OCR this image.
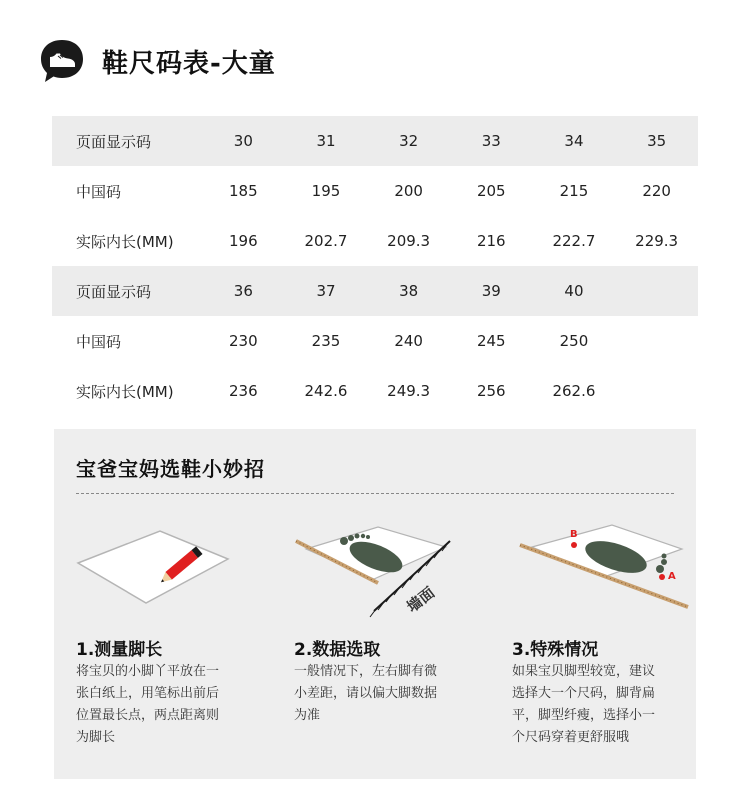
鞋尺码表-大童
页面显示码	30	31	32	33	34	35
中国码	185	195	200	205	215	220
实际内长(MM)	196	202.7	209.3	216	222.7	229.3
页面显示码	36	37	38	39	40	
中国码	230	235	240	245	250	
实际内长(MM)	236	242.6	249.3	256	262.6	
宝爸宝妈选鞋小妙招
1.测量脚长
将宝贝的小脚丫平放在一
张白纸上，用笔标出前后
位置最长点，两点距离则
为脚长
墙面
2.数据选取
一般情况下，左右脚有微
小差距，请以偏大脚数据
为准
B
A
3.特殊情况
如果宝贝脚型较宽，建议
选择大一个尺码，脚背扁
平，脚型纤瘦，选择小一
个尺码穿着更舒服哦
